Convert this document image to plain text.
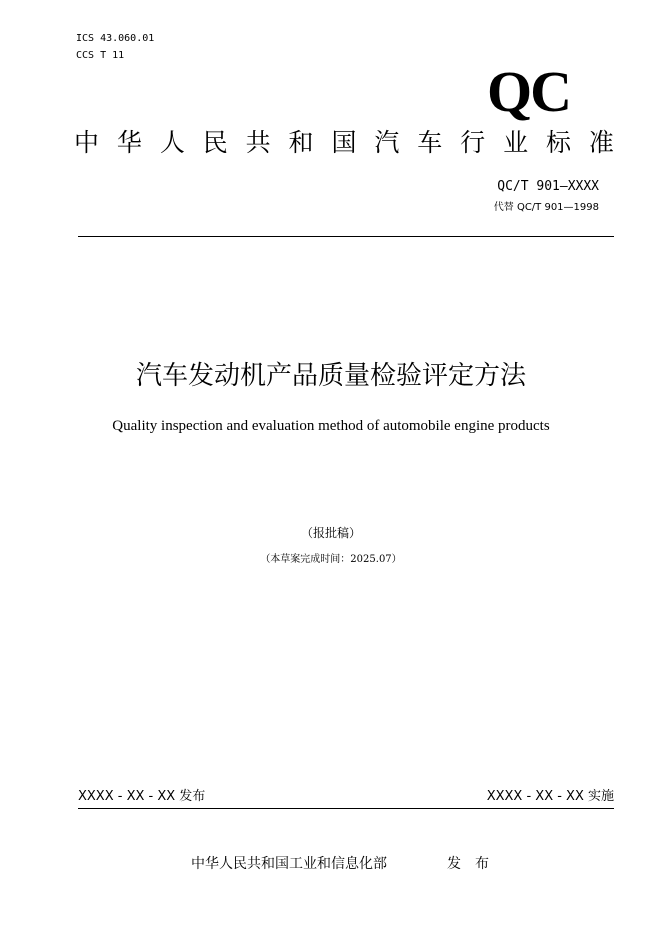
ICS 43.060.01
CCS T 11
QC
中 华 人 民 共 和 国 汽 车 行 业 标 准
QC/T 901—XXXX
代替 QC/T 901—1998
汽车发动机产品质量检验评定方法
Quality inspection and evaluation method of automobile engine products
（报批稿）
（本草案完成时间：2025.07）
XXXX - XX - XX 发布	XXXX - XX - XX 实施
中华人民共和国工业和信息化部	发布
